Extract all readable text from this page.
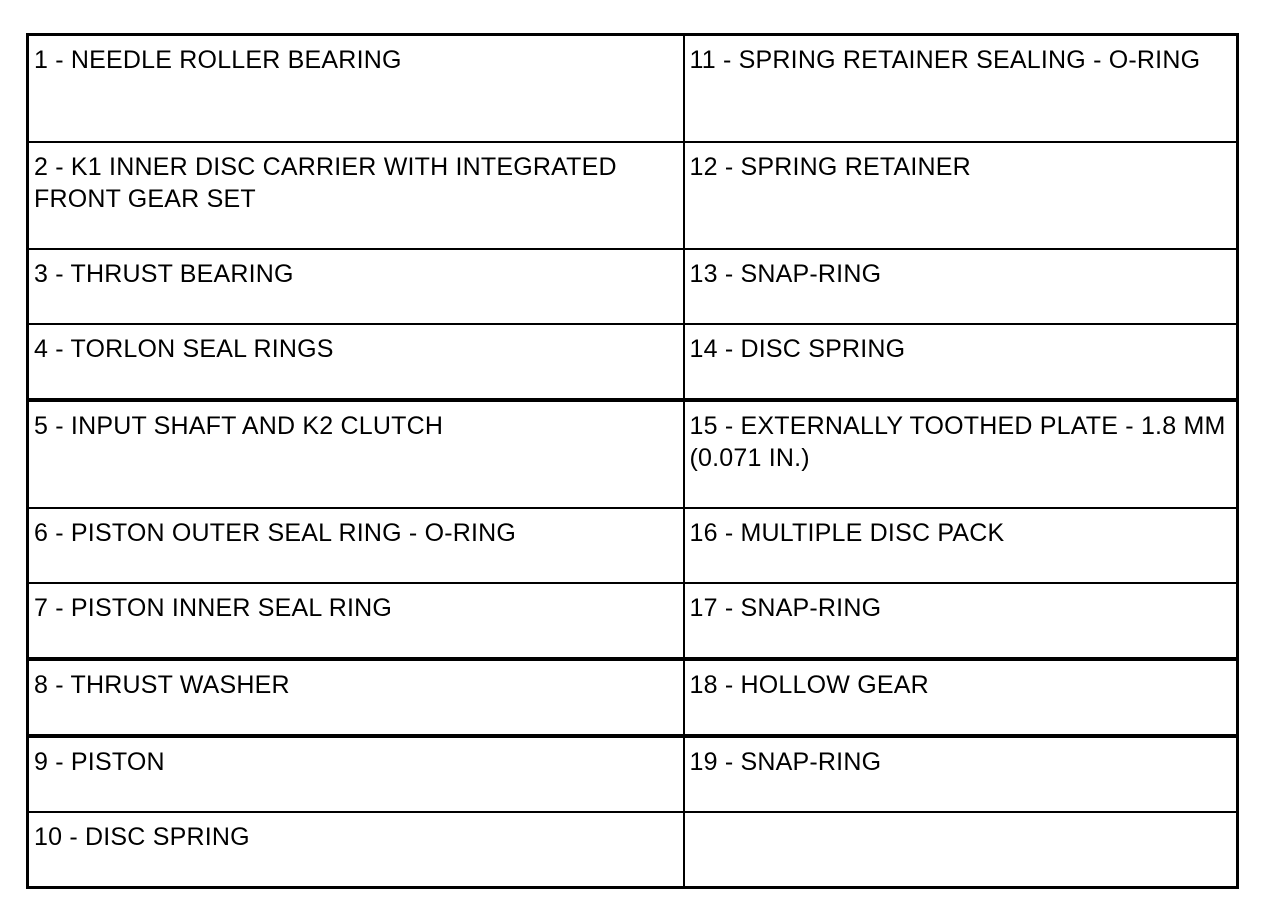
1 - NEEDLE ROLLER BEARING	11 - SPRING RETAINER SEALING - O-RING
2 - K1 INNER DISC CARRIER WITH INTEGRATED FRONT GEAR SET	12 - SPRING RETAINER
3 - THRUST BEARING	13 - SNAP-RING
4 - TORLON SEAL RINGS	14 - DISC SPRING
5 - INPUT SHAFT AND K2 CLUTCH	15 - EXTERNALLY TOOTHED PLATE - 1.8 MM (0.071 IN.)
6 - PISTON OUTER SEAL RING - O-RING	16 - MULTIPLE DISC PACK
7 - PISTON INNER SEAL RING	17 - SNAP-RING
8 - THRUST WASHER	18 - HOLLOW GEAR
9 - PISTON	19 - SNAP-RING
10 - DISC SPRING	
